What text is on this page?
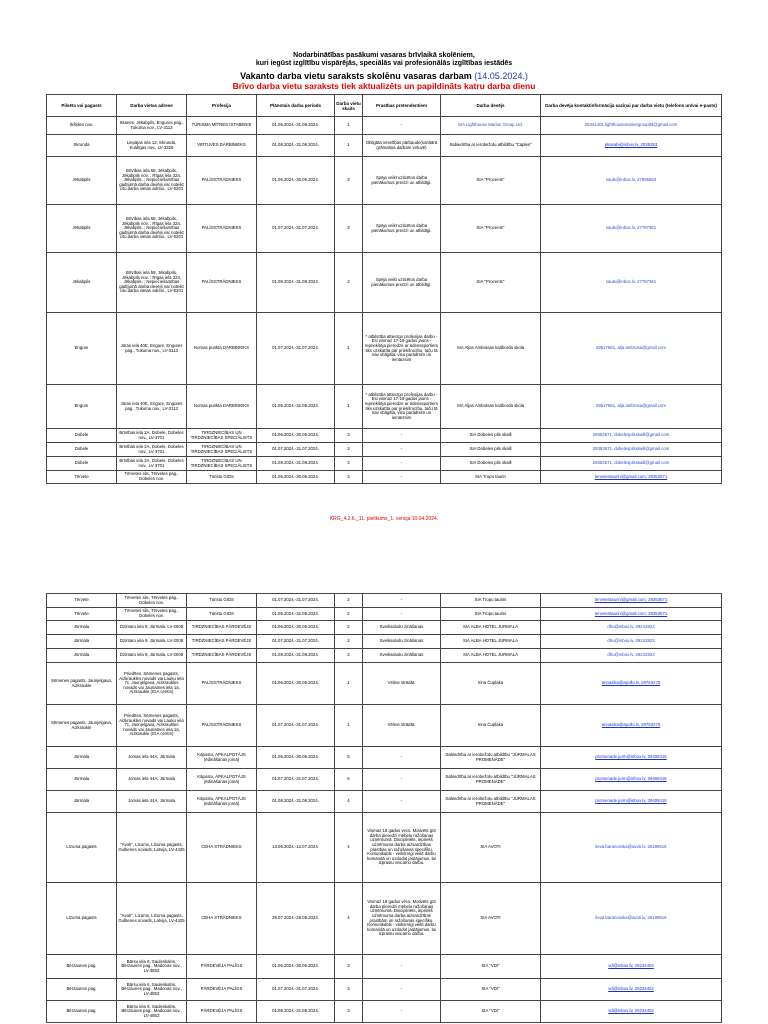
Nodarbinātības pasākumi vasaras brīvlaikā skolēniem,
kuri iegūst izglītību vispārējās, speciālās vai profesionālās izglītības iestādēs
Vakanto darba vietu saraksts skolēnu vasaras darbam (14.05.2024.)
Brīvo darba vietu saraksts tiek aktualizēts un papildināts katru darba dienu
Pilsēta vai pagasts	Darba vietas adrese	Profesija	Plānotais darba periods	Darba vietu skaits	Prasības pretendentiem	Darba devējs	Darba devēja kontaktinformācija saziņai par darba vietu (telefons un/vai e-pasts)
Ikšķiles nov.	Skanes, Jēkabpils, Engures pag., Tukuma nov., LV-3113	TŪRISMA MĪTNES ISTABENIS	01.06.2024.-31.08.2024.	1	-	SIA Lighthouse Marine Group Ltd.	26341401;lighthousemarinegroupltd@gmail.com
Skrunda	Liepājas iela 12, Skrunda, Kuldīgas nov., LV-3326	VIRTUVES DARBINIEKS	01.08.2024.-31.08.2024.	1	Obligāta veselības pārbaude(sanitārā grāmatiņa darbam virtuvē)	Sabiedrība ar ierobežotu atbildību "Caples"	pkasabi@inbox.lv, 2035353
Jēkabpils	Brīvības iela 58, Jēkabpils, Jēkabpils nov. ; Rīgas iela 324, Jēkabpils, ; Nepieciešamības gadījumā darba devējs var noteikt citu darba vietas adresi., LV-5201	PALĪGSTRĀDNIEKS	01.06.2024.-30.06.2024.	3	Spēja veikt uzticētos darba pienākumus precīzi un atbildīgi.	SIA "Procents"	saule@inbox.lv, 27595653
Jēkabpils	Brīvības iela 58, Jēkabpils, Jēkabpils nov. ; Rīgas iela 324, Jēkabpils, ; Nepieciešamības gadījumā darba devējs var noteikt citu darba vietas adresi., LV-5201	PALĪGSTRĀDNIEKS	01.07.2024.-31.07.2024.	3	Spēja veikt uzticētos darba pienākumus precīzi un atbildīgi.	SIA "Procents"	saule@inbox.lv, 27797361
Jēkabpils	Brīvības iela 58, Jēkabpils, Jēkabpils nov. ; Rīgas iela 324, Jēkabpils, ; Nepieciešamības gadījumā darba devējs var noteikt citu darba vietas adresi., LV-5201	PALĪGSTRĀDNIEKS	01.08.2024.-31.08.2024.	2	Spēja veikt uzticētos darba pienākumus precīzi un atbildīgi.	SIA "Procents"	saule@inbox.lv, 27797361
Engure	Jūras iela 40E, Engure, Engures pag., Tukuma nov., LV-3113	Nomas punkta DARBINIEKS	01.07.2024.-31.07.2024.	1	* atbilstība attiecīgo profesijas darbu - Esi vismaz 17-19 gadus jauns - Iepriekšēja pieredze ar ūdenssportiem tiks uzskatīta par priekšrocību, taču tā nav obligāta, visu parādīsim un iemācīsim	SIA Aljas Ambrasas kaitborda skola	29517551, alja.ambrosa@gmail.com
Engure	Jūras iela 40E, Engure, Engures pag., Tukuma nov., LV-3113	Nomas punkta DARBINIEKS	01.08.2024.-31.08.2024.	1	* atbilstība attiecīgo profesijas darbu - Esi vismaz 17-19 gadus jauns - Iepriekšēja pieredze ar ūdenssportiem tiks uzskatīta par priekšrocību, taču tā nav obligāta, visu parādīsim un iemācīsim	SIA Aljas Ambrasas kaitborda skola	29517551, alja.ambrosa@gmail.com
Dobele	Brīvības iela 2A, Dobele, Dobeles nov., LV-3701	TIRDZNIECĪBAS UN TIRDZNIECĪBAS SPECIĀLISTS	01.06.2024.-30.06.2024.	3	-	SIA Dobeles pils skaill	29353571, dobelespilsskaill@gmail.com
Dobele	Brīvības iela 2A, Dobele, Dobeles nov., LV-3701	TIRDZNIECĪBAS UN TIRDZNIECĪBAS SPECIĀLISTS	01.07.2024.-31.07.2024.	3	-	SIA Dobeles pils skaill	29353571, dobelespilsskaill@gmail.com
Dobele	Brīvības iela 2A, Dobele, Dobeles nov., LV-3701	TIRDZNIECĪBAS UN TIRDZNIECĪBAS SPECIĀLISTS	01.08.2024.-31.08.2024.	3	-	SIA Dobeles pils skaill	29353571, dobelespilsskaill@gmail.com
Tērvete	Tērvetes sils, Tērvetes pag., Dobeles nov.	Tūristu GIDS	01.06.2024.-30.06.2024.	3	-	SIA Tropu taurin	tervetestaurini@gmail.com, 29353571
KRG_4.2.6._11. pielikums_1. versija 10.04.2024.
Tērvete	Tērvetes sils, Tērvetes pag., Dobeles nov.	Tūristu GIDS	01.07.2024.-31.07.2024.	2	-	SIA Tropu taurini	tervetestaurini@gmail.com, 29353571
Tērvete	Tērvetes sils, Tērvetes pag., Dobeles nov.	Tūristu GIDS	01.08.2024.-31.08.2024.	2	-	SIA Tropu taurini	tervetestaurini@gmail.com, 29353571
Jūrmala	Dzintaru iela 9, Jūrmala, LV-2008	TIRDZNIECĪBAS PĀRDEVĒJS	01.06.2024.-30.06.2024.	2	Sveiksalodu zināšanas	SIA ALBA HOTEL JURMALA	dhu@inbox.lv, 29242823
Jūrmala	Dzintaru iela 9, Jūrmala, LV-2008	TIRDZNIECĪBAS PĀRDEVĒJS	01.07.2024.-31.07.2024.	2	Sveiksalodu zināšanas	SIA ALBA HOTEL JURMALA	dhu@inbox.lv, 29242823
Jūrmala	Dzintaru iela 9, Jūrmala, LV-2008	TIRDZNIECĪBAS PĀRDEVĒJS	01.08.2024.-31.08.2024.	2	Sveiksalodu zināšanas	SIA ALBA HOTEL JURMALA	dhu@inbox.lv, 29242823
Sēmenes pagasts, Jaunjelgava, Aizkraukle	Priedītes, Sēmenes pagasts, Aizkraukles novads vai Lauku iela 7c, Jaunjelgava, Aizkraukles novads vai Jaunatnes iela 1a, Aizkraukle (IGA centrs)	PALĪGSTRĀDNIEKS	01.06.2024.-30.06.2024.	1	Vēlme strādāt.	Irina Čuplaka	annasika@apollo.lv, 29753275
Sēmenes pagasts, Jaunjelgava, Aizkraukle	Priedītes, Sēmenes pagasts, Aizkraukles novads vai Lauku iela 7c, Jaunjelgava, Aizkraukles novads vai Jaunatnes iela 1a, Aizkraukle (IGA centrs)	PALĪGSTRĀDNIEKS	01.07.2024.-31.07.2024.	1	Vēlme strādāt.	Irina Čuplaka	annasika@apollo.lv, 29753275
Jūrmala	Jomas iela 44A, Jūrmala	Kāpostu, APKALPOTĀJS (ēdināšanas jomā)	01.06.2024.-30.06.2024.	5	-	Sabiedrība ar ierobežotu atbildību "JŪRMALAS PROMENĀDE"	promenade.jurm@inbox.lv, 29408416
Jūrmala	Jomas iela 44A, Jūrmala	Kāpostu, APKALPOTĀJS (ēdināšanas jomā)	01.07.2024.-31.07.2024.	6	-	Sabiedrība ar ierobežotu atbildību "JŪRMALAS PROMENĀDE"	promenade.jurm@inbox.lv, 29408416
Jūrmala	Jomas iela 44A, Jūrmala	Kāpostu, APKALPOTĀJS (ēdināšanas jomā)	01.08.2024.-31.08.2024.	4	-	Sabiedrība ar ierobežotu atbildību "JŪRMALAS PROMENĀDE"	promenade.jurm@inbox.lv, 29408416
Līzuma pagasts	"Avoti", Līzums, Līzuma pagasts, Gulbenes novads, Latvija, LV-4425	CEHA STRĀDNIEKS	13.06.2024.-12.07.2024.	4	Vismaz 18 gadus vecs. Motivēts gūt darba pieredzi mēbeļu ražošanas uzņēmumā. Disciplinēts, iepriekš uzņēmuma darba aizsardzības prasības un ražošanas specifiku. Komunikabls - veiksmīgi veikt darbu komandā un uzdodot jautājumus, lai izprastu veicamo darbu.	SIA AVOTI	lieva.baranovska@avoti.lv, 26199916
Līzuma pagasts	"Avoti", Līzums, Līzuma pagasts, Gulbenes novads, Latvija, LV-4425	CEHA STRĀDNIEKS	29.07.2024.-28.08.2024.	4	Vismaz 18 gadus vecs. Motivēts gūt darba pieredzi mēbeļu ražošanas uzņēmumā. Disciplinēts, iepriekš uzņēmuma darba aizsardzības prasībām un ražošanas specifiku. Komunikabls - veiksmīgi veikt darbu komandā un uzdodot jautājumus, lai izprastu veicamo darbu.	SIA AVOTI	lieva.baranovska@avoti.lv, 26199916
Bērzaunes pag.	Bārsu iela 6, Sauleskalns, Bērzaunes pag., Madonas nov., LV-4853	PĀRDEVĒJA PALĪGS	01.06.2024.-30.06.2024.	3	-	SIA "VDI"	vdi@inbox.lv, 29234402
Bērzaunes pag.	Bārsu iela 6, Sauleskalns, Bērzaunes pag., Madonas nov., LV-4853	PĀRDEVĒJA PALĪGS	01.07.2024.-31.07.2024.	3	-	SIA "VDI"	vdi@inbox.lv, 29234402
Bērzaunes pag.	Bārsu iela 6, Sauleskalns, Bērzaunes pag., Madonas nov., LV-4853	PĀRDEVĒJA PALĪGS	01.08.2024.-31.08.2024.	3	-	SIA "VDI"	vdi@inbox.lv, 29234402
